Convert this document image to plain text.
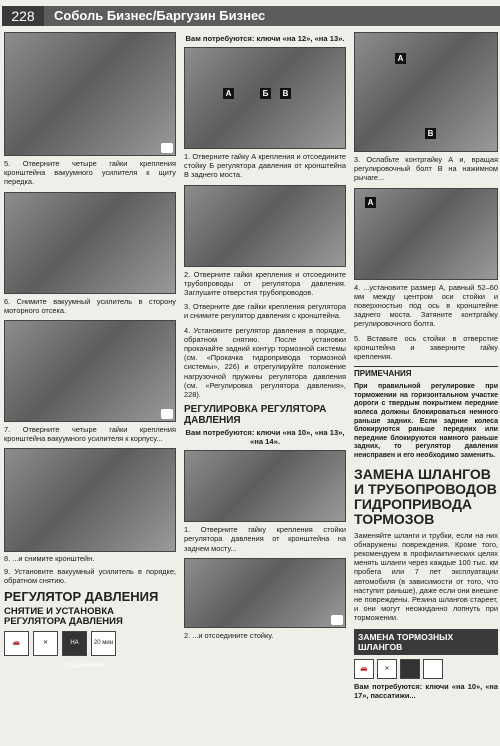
228	Соболь Бизнес/Баргузин Бизнес

5. Отверните четыре гайки крепления кронштейна вакуумного усилителя к щиту передка.

6. Снимите вакуумный усилитель в сторону моторного отсека.

7. Отверните четыре гайки крепления кронштейна вакуумного усилителя к корпусу...

8. ...и снимите кронштейн.

9. Установите вакуумный усилитель в порядке, обратном снятию.

РЕГУЛЯТОР ДАВЛЕНИЯ
СНЯТИЕ И УСТАНОВКА РЕГУЛЯТОРА ДАВЛЕНИЯ
🚗	✕	НА ПОДЪЕМНИКЕ
20 мин
Вам потребуются: ключи «на 12», «на 13».
А	Б	В

1. Отверните гайку А крепления и отсоедините стойку Б регулятора давления от кронштейна В заднего моста.

2. Отверните гайки крепления и отсоедините трубопроводы от регулятора давления. Заглушите отверстия трубопроводов.

3. Отверните две гайки крепления регулятора и снимите регулятор давления с кронштейна.

4. Установите регулятор давления в порядке, обратном снятию. После установки прокачайте задний контур тормозной системы (см. «Прокачка гидропривода тормозной системы», 226) и отрегулируйте положение нагрузочной пружины регулятора давления (см. «Регулировка регулятора давления», 228).

РЕГУЛИРОВКА РЕГУЛЯТОРА ДАВЛЕНИЯ
Вам потребуются: ключи «на 10», «на 13», «на 14».

1. Отверните гайку крепления стойки регулятора давления от кронштейна на заднем мосту...

2. ...и отсоедините стойку.

А
В

3. Ослабьте контргайку А и, вращая регулировочный болт В на нажимном рычаге...

А

4. ...установите размер А, равный 52–60 мм между центром оси стойки и поверхностью под ось в кронштейне заднего моста. Затяните контргайку регулировочного болта.

5. Вставьте ось стойки в отверстие кронштейна и заверните гайку крепления.

ПРИМЕЧАНИЯ

При правильной регулировке при торможении на горизонтальном участке дороги с твердым покрытием передние колеса должны блокироваться немного раньше задних. Если задние колеса блокируются раньше передних или передние блокируются намного раньше задних, то регулятор давления неисправен и его необходимо заменить.

ЗАМЕНА ШЛАНГОВ И ТРУБОПРОВОДОВ ГИДРОПРИВОДА ТОРМОЗОВ

Заменяйте шланги и трубки, если на них обнаружены повреждения. Кроме того, рекомендуем в профилактических целях менять шланги через каждые 100 тыс. км пробега или 7 лет эксплуатации автомобиля (в зависимости от того, что наступит раньше), даже если они внешне не повреждены. Резина шлангов стареет, и они могут неожиданно лопнуть при торможении.

ЗАМЕНА ТОРМОЗНЫХ ШЛАНГОВ
🚗	✕

Вам потребуются: ключи «на 10», «на 17», пассатижи...
